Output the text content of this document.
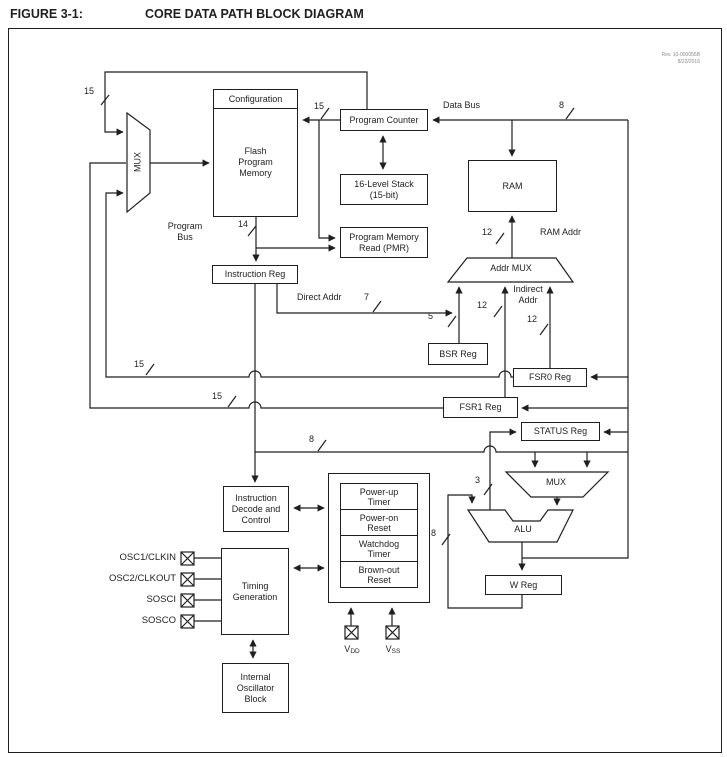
FIGURE 3-1:	CORE DATA PATH BLOCK DIAGRAM
Rev. 10-000055B
8/23/2016
Configuration
Flash
Program
Memory
Program Counter
16-Level Stack
(15-bit)
Program Memory
Read (PMR)
RAM
Instruction Reg
BSR Reg
FSR0 Reg
FSR1 Reg
STATUS Reg
W Reg
Instruction
Decode and
Control
Timing
Generation
Internal
Oscillator
Block
Power-up
Timer
Power-on
Reset
Watchdog
Timer
Brown-out
Reset
MUX
Addr MUX
MUX
ALU
Data Bus
RAM Addr
Program
Bus
Direct Addr
Indirect
Addr
15
15
14
8
12
5
7
12
12
15
15
8
3
8
OSC1/CLKIN
OSC2/CLKOUT
SOSCI
SOSCO
VDD	VSS
